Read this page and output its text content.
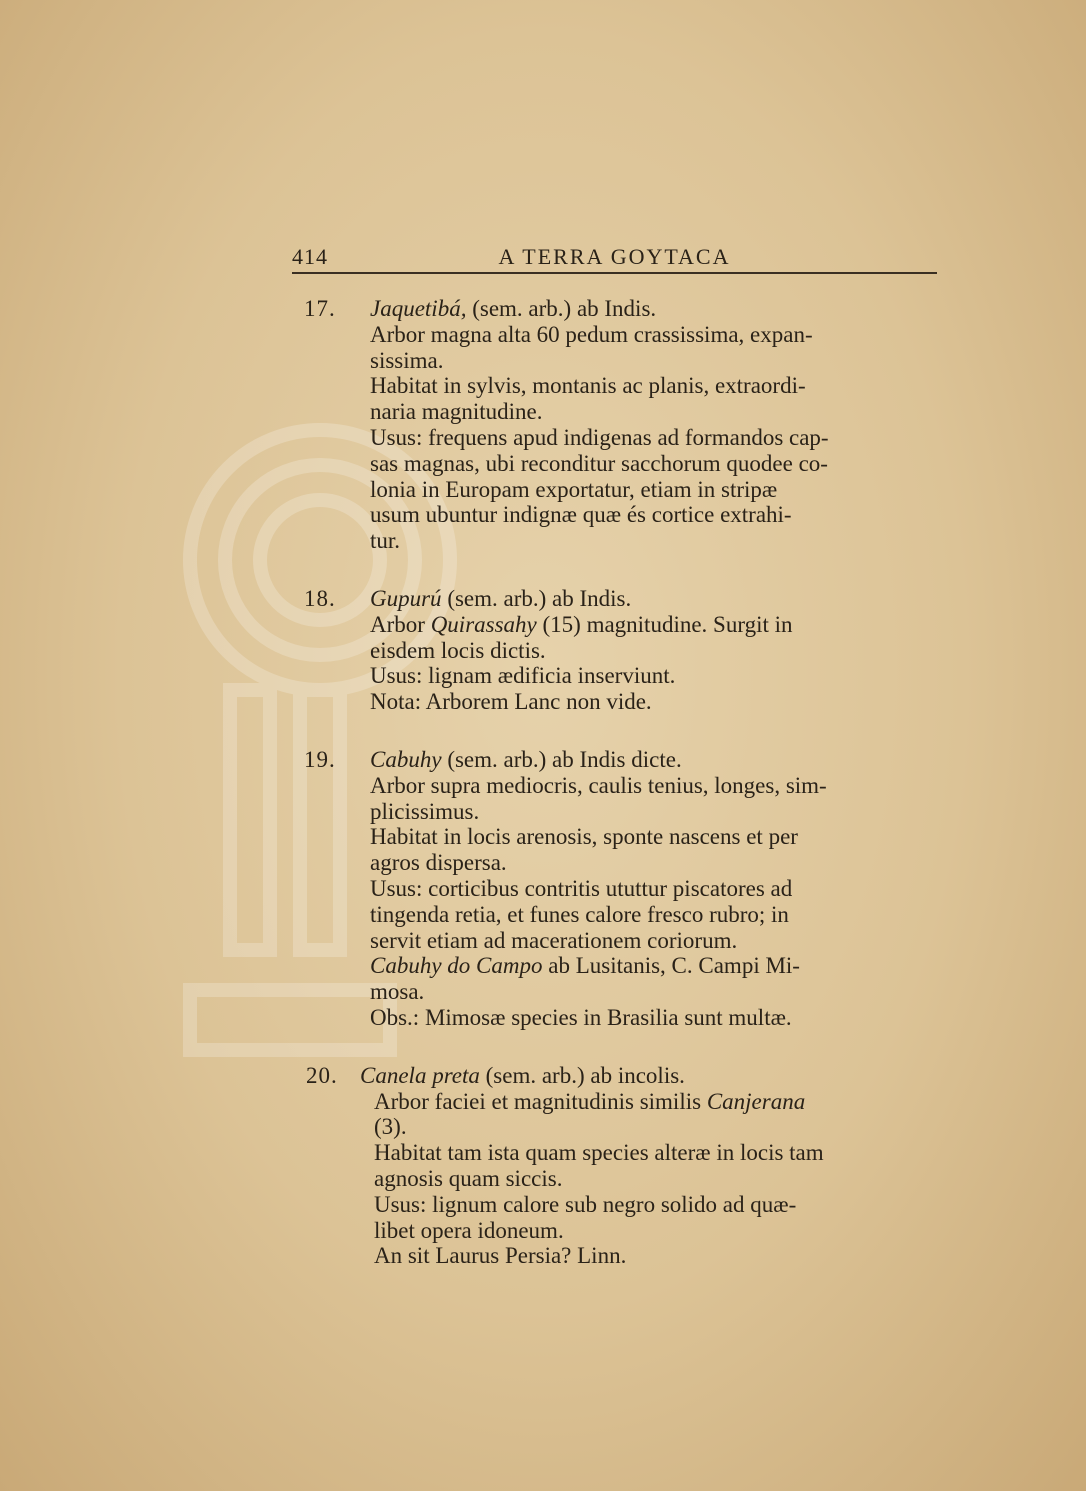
414	A TERRA GOYTACA
17. Jaquetibá, (sem. arb.) ab Indis.
Arbor magna alta 60 pedum crassissima, expan-
sissima.
Habitat in sylvis, montanis ac planis, extraordi-
naria magnitudine.
Usus: frequens apud indigenas ad formandos cap-
sas magnas, ubi reconditur sacchorum quodee co-
lonia in Europam exportatur, etiam in stripæ
usum ubuntur indignæ quæ és cortice extrahi-
tur.
18. Gupurú (sem. arb.) ab Indis.
Arbor Quirassahy (15) magnitudine. Surgit in
eisdem locis dictis.
Usus: lignam ædificia inserviunt.
Nota: Arborem Lanc non vide.
19. Cabuhy (sem. arb.) ab Indis dicte.
Arbor supra mediocris, caulis tenius, longes, sim-
plicissimus.
Habitat in locis arenosis, sponte nascens et per
agros dispersa.
Usus: corticibus contritis ututtur piscatores ad
tingenda retia, et funes calore fresco rubro; in
servit etiam ad macerationem coriorum.
Cabuhy do Campo ab Lusitanis, C. Campi Mi-
mosa.
Obs.: Mimosæ species in Brasilia sunt multæ.
20. Canela preta (sem. arb.) ab incolis.
Arbor faciei et magnitudinis similis Canjerana
(3).
Habitat tam ista quam species alteræ in locis tam
agnosis quam siccis.
Usus: lignum calore sub negro solido ad quæ-
libet opera idoneum.
An sit Laurus Persia? Linn.
